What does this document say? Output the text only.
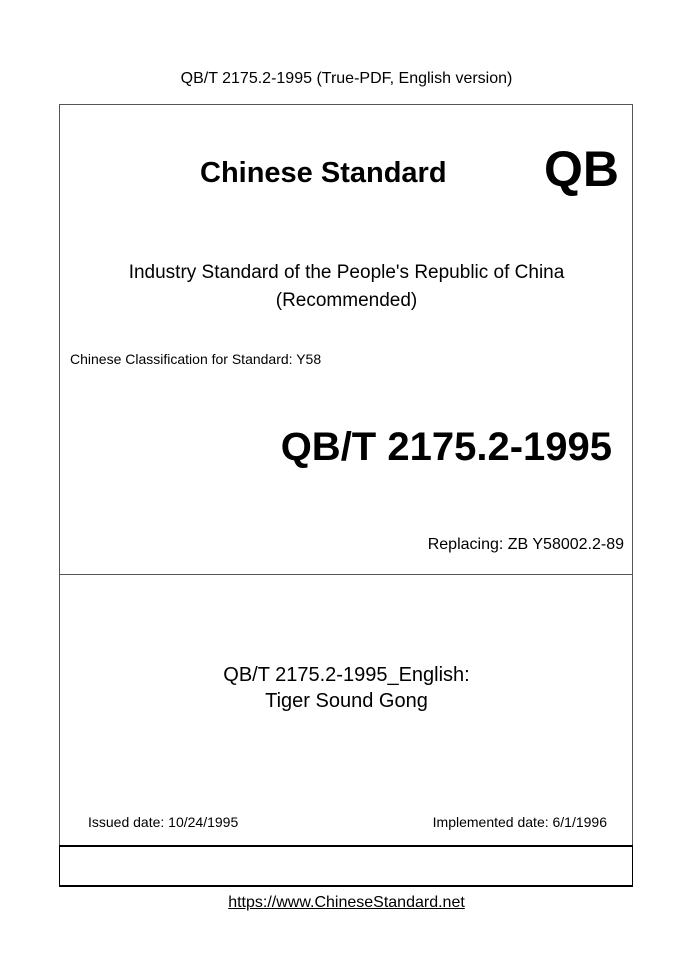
QB/T 2175.2-1995 (True-PDF, English version)
Chinese Standard QB
Industry Standard of the People's Republic of China
(Recommended)
Chinese Classification for Standard: Y58
QB/T 2175.2-1995
Replacing: ZB Y58002.2-89
QB/T 2175.2-1995_English:
Tiger Sound Gong
Issued date: 10/24/1995	Implemented date: 6/1/1996
https://www.ChineseStandard.net
